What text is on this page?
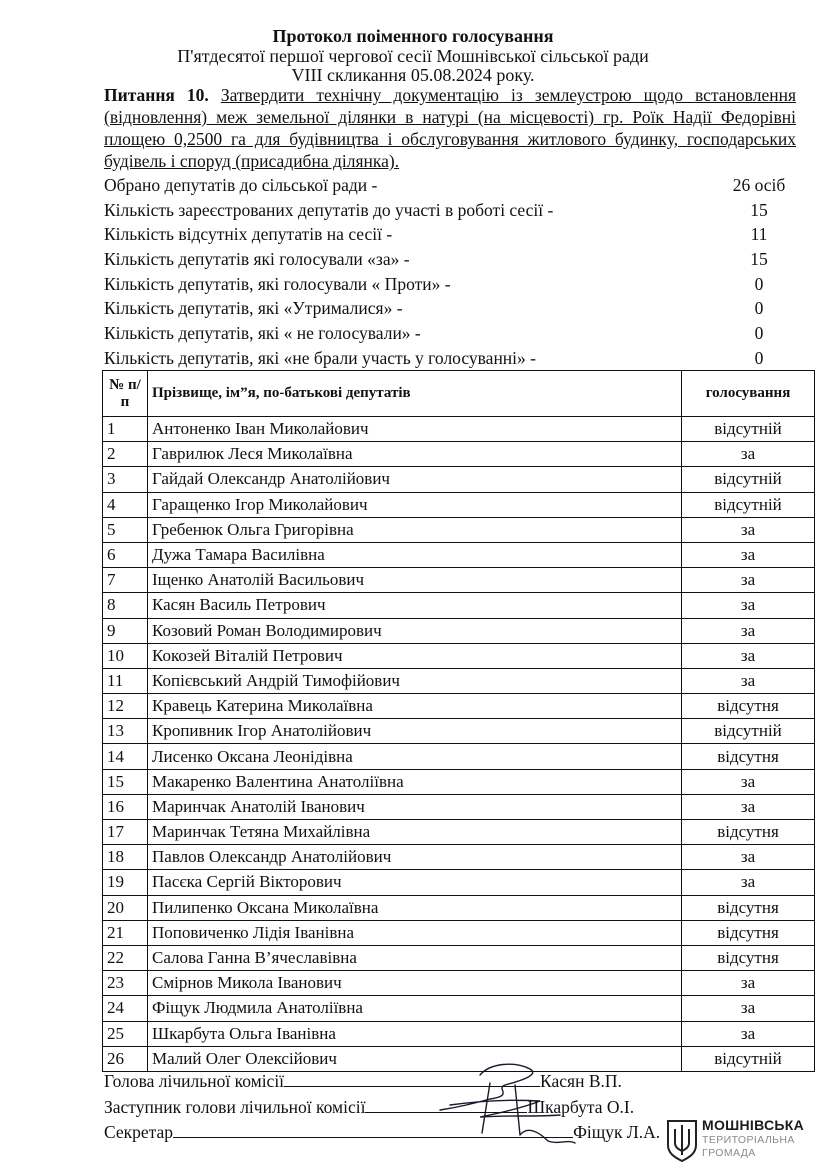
Протокол поіменного голосування
П'ятдесятої першої чергової сесії Мошнівської сільської ради
VIII скликання 05.08.2024 року.
Питання 10. Затвердити технічну документацію із землеустрою щодо встановлення (відновлення) меж земельної ділянки в натурі (на місцевості) гр. Роїк Надії Федорівні площею 0,2500 га для будівництва і обслуговування житлового будинку, господарських будівель і споруд (присадибна ділянка).
Обрано депутатів до сільської ради -	26 осіб
Кількість зареєстрованих депутатів до участі в роботі сесії -	15
Кількість відсутніх депутатів на сесії -	11
Кількість депутатів які голосували «за» -	15
Кількість депутатів, які голосували « Проти» -	0
Кількість депутатів, які «Утрималися» -	0
Кількість депутатів, які « не голосували» -	0
Кількість депутатів, які «не брали участь у голосуванні» -	0
№ п/п	Прізвище, ім”я, по-батькові депутатів	голосування
1	Антоненко Іван Миколайович	відсутній
2	Гаврилюк Леся Миколаївна	за
3	Гайдай Олександр Анатолійович	відсутній
4	Гаращенко Ігор Миколайович	відсутній
5	Гребенюк Ольга Григорівна	за
6	Дужа Тамара Василівна	за
7	Іщенко Анатолій Васильович	за
8	Касян Василь Петрович	за
9	Козовий Роман Володимирович	за
10	Кокозей Віталій Петрович	за
11	Копієвський Андрій Тимофійович	за
12	Кравець Катерина Миколаївна	відсутня
13	Кропивник Ігор Анатолійович	відсутній
14	Лисенко Оксана Леонідівна	відсутня
15	Макаренко Валентина Анатоліївна	за
16	Маринчак Анатолій Іванович	за
17	Маринчак Тетяна Михайлівна	відсутня
18	Павлов Олександр Анатолійович	за
19	Пасєка Сергій Вікторович	за
20	Пилипенко Оксана Миколаївна	відсутня
21	Поповиченко Лідія Іванівна	відсутня
22	Салова Ганна В’ячеславівна	відсутня
23	Смірнов Микола Іванович	за
24	Фіщук Людмила Анатоліївна	за
25	Шкарбута Ольга Іванівна	за
26	Малий Олег Олексійович	відсутній
Голова лічильної комісії	Касян В.П.
Заступник голови лічильної комісії	Шкарбута О.І.
Секретар	Фіщук Л.А.	МОШНІВСЬКА
ТЕРИТОРІАЛЬНА
ГРОМАДА
